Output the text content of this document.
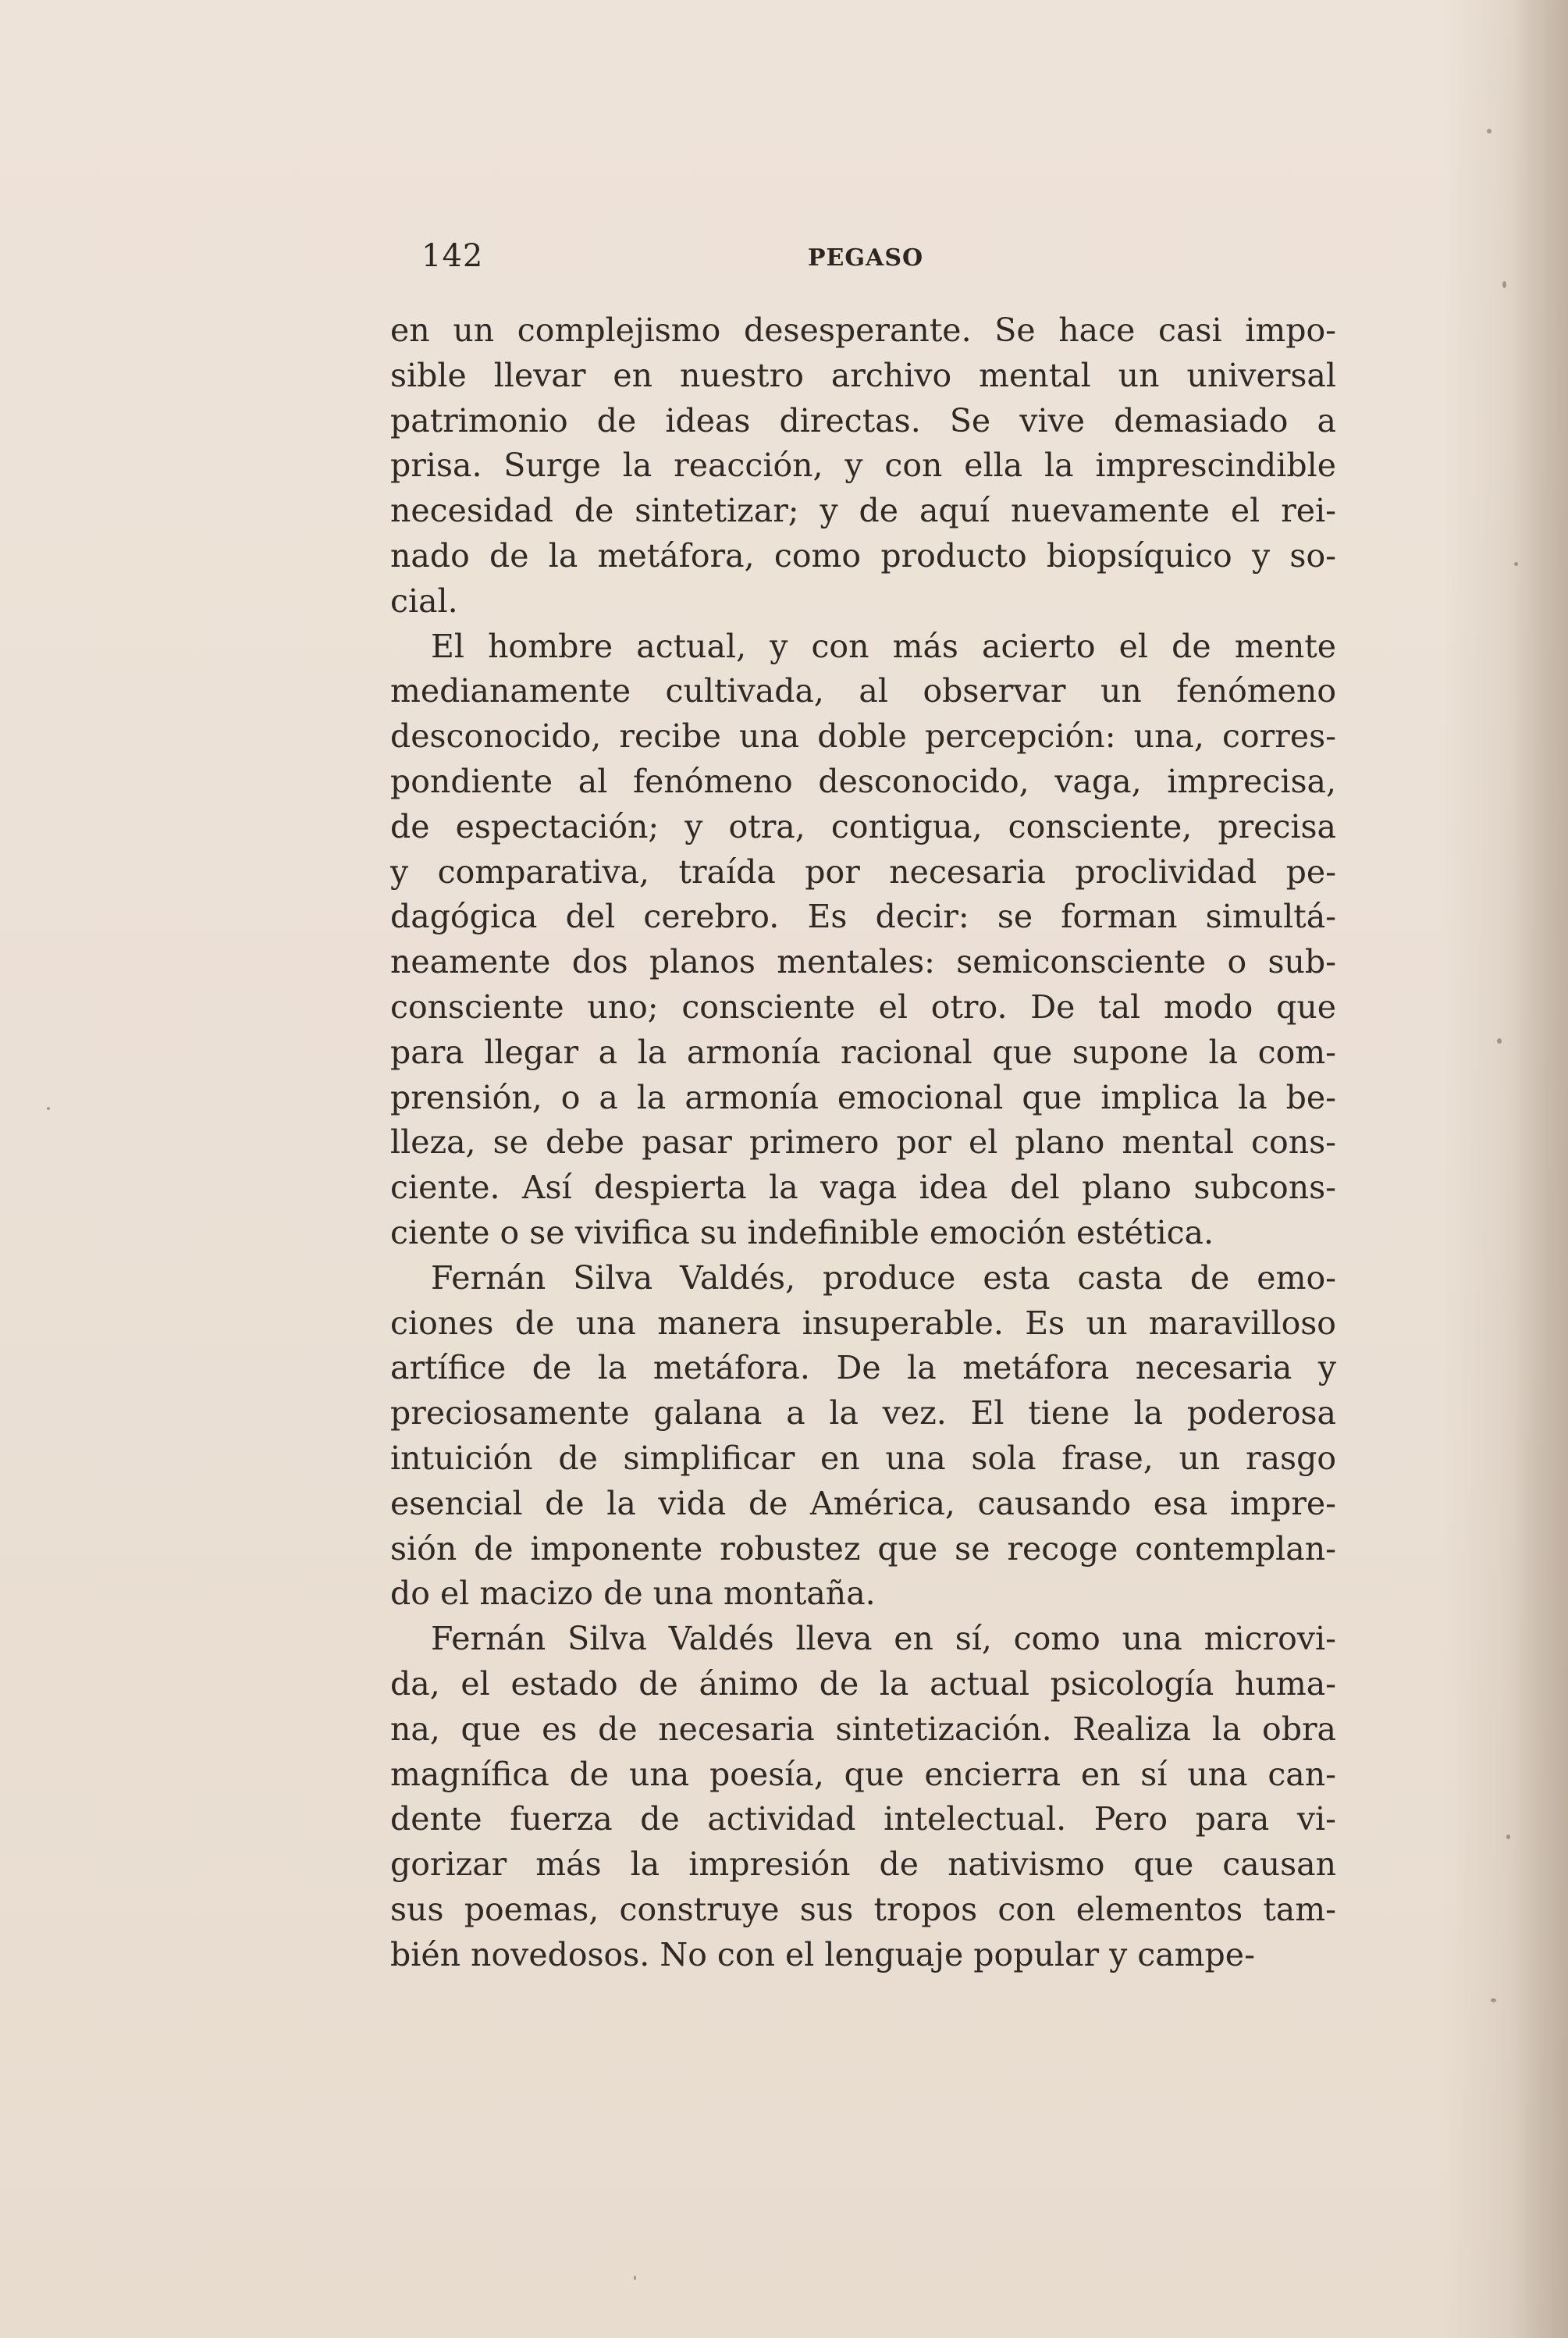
142	PEGASO

en un complejismo desesperante. Se hace casi impo-
sible llevar en nuestro archivo mental un universal
patrimonio de ideas directas. Se vive demasiado a
prisa. Surge la reacción, y con ella la imprescindible
necesidad de sintetizar; y de aquí nuevamente el rei-
nado de la metáfora, como producto biopsíquico y so-
cial.

El hombre actual, y con más acierto el de mente
medianamente cultivada, al observar un fenómeno
desconocido, recibe una doble percepción: una, corres-
pondiente al fenómeno desconocido, vaga, imprecisa,
de espectación; y otra, contigua, consciente, precisa
y comparativa, traída por necesaria proclividad pe-
dagógica del cerebro. Es decir: se forman simultá-
neamente dos planos mentales: semiconsciente o sub-
consciente uno; consciente el otro. De tal modo que
para llegar a la armonía racional que supone la com-
prensión, o a la armonía emocional que implica la be-
lleza, se debe pasar primero por el plano mental cons-
ciente. Así despierta la vaga idea del plano subcons-
ciente o se vivifica su indefinible emoción estética.

Fernán Silva Valdés, produce esta casta de emo-
ciones de una manera insuperable. Es un maravilloso
artífice de la metáfora. De la metáfora necesaria y
preciosamente galana a la vez. El tiene la poderosa
intuición de simplificar en una sola frase, un rasgo
esencial de la vida de América, causando esa impre-
sión de imponente robustez que se recoge contemplan-
do el macizo de una montaña.

Fernán Silva Valdés lleva en sí, como una microvi-
da, el estado de ánimo de la actual psicología huma-
na, que es de necesaria sintetización. Realiza la obra
magnífica de una poesía, que encierra en sí una can-
dente fuerza de actividad intelectual. Pero para vi-
gorizar más la impresión de nativismo que causan
sus poemas, construye sus tropos con elementos tam-
bién novedosos. No con el lenguaje popular y campe-
